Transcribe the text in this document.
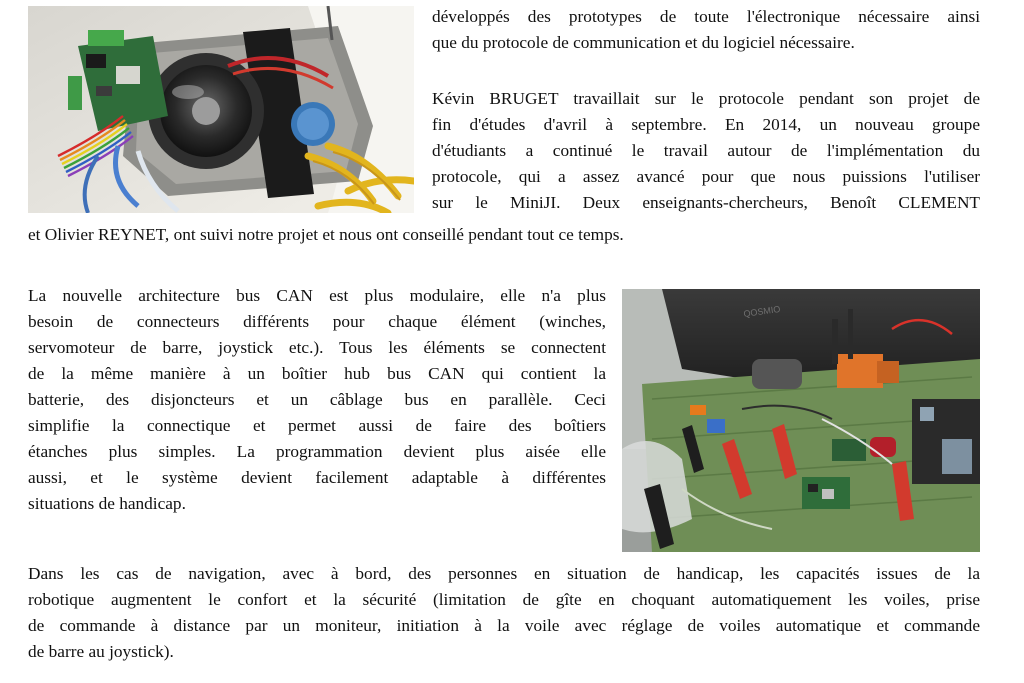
développés des prototypes de toute l'électronique nécessaire ainsi
que du protocole de communication et du logiciel nécessaire.

Kévin BRUGET travaillait sur le protocole pendant son projet de
fin d'études d'avril à septembre. En 2014, un nouveau groupe
d'étudiants a continué le travail autour de l'implémentation du
protocole, qui a assez avancé pour que nous puissions l'utiliser
sur le MiniJI. Deux enseignants-chercheurs, Benoît CLEMENT

et Olivier REYNET, ont suivi notre projet et nous ont conseillé pendant tout ce temps.

La nouvelle architecture bus CAN est plus modulaire, elle n'a plus
besoin de connecteurs différents pour chaque élément (winches,
servomoteur de barre, joystick etc.). Tous les éléments se connectent
de la même manière à un boîtier hub bus CAN qui contient la
batterie, des disjoncteurs et un câblage bus en parallèle. Ceci
simplifie la connectique et permet aussi de faire des boîtiers
étanches plus simples. La programmation devient plus aisée elle
aussi, et le système devient facilement adaptable à différentes
situations de handicap.

QOSMIO

Dans les cas de navigation, avec à bord, des personnes en situation de handicap, les capacités issues de la
robotique augmentent le confort et la sécurité (limitation de gîte en choquant automatiquement les voiles, prise
de commande à distance par un moniteur, initiation à la voile avec réglage de voiles automatique et commande
de barre au joystick).
